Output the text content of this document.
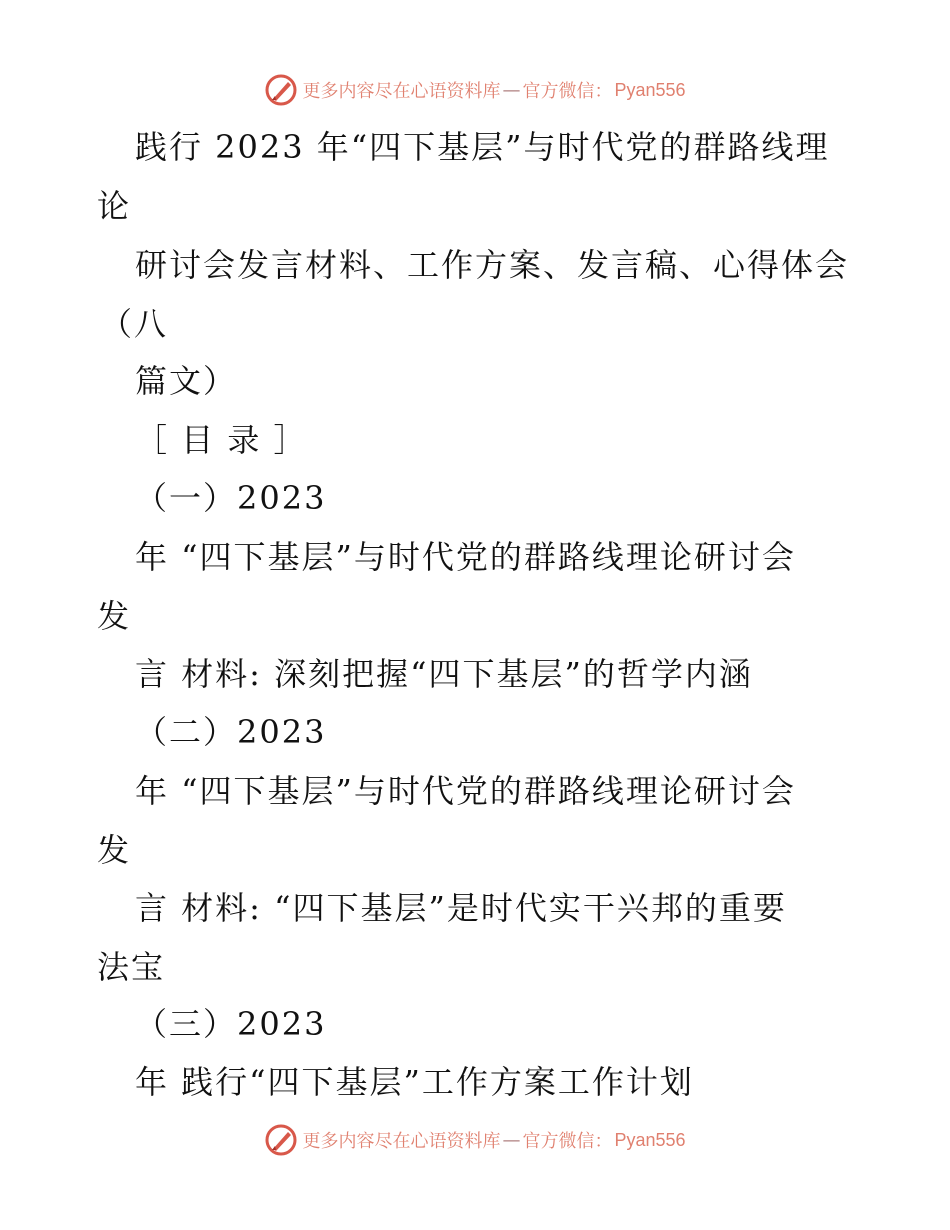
更多内容尽在心语资料库 — 官方微信： Pyan556
践行 2023 年“四下基层”与时代党的群路线理
论
研讨会发言材料、工作方案、发言稿、心得体会
（八
篇文）
［ 目 录 ］
（一）2023
年 “四下基层”与时代党的群路线理论研讨会
发
言 材料: 深刻把握“四下基层”的哲学内涵
（二）2023
年 “四下基层”与时代党的群路线理论研讨会
发
言 材料: “四下基层”是时代实干兴邦的重要
法宝
（三）2023
年 践行“四下基层”工作方案工作计划
更多内容尽在心语资料库 — 官方微信： Pyan556
